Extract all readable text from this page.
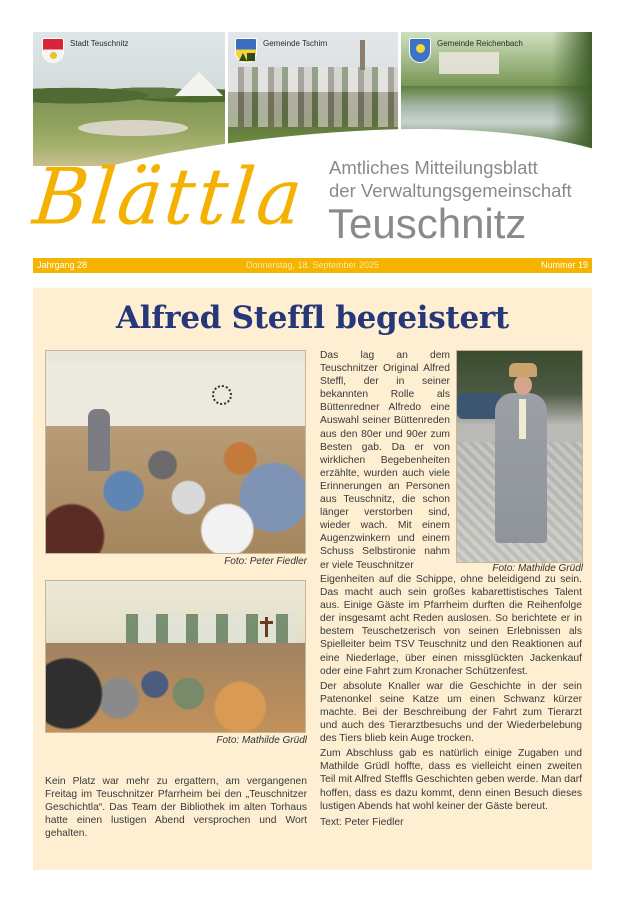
Stadt Teuschnitz	Gemeinde Tschirn	Gemeinde Reichenbach
Blättla Amtliches Mitteilungsblatt
der Verwaltungsgemeinschaft
Teuschnitz
Donnerstag, 18. September 2025
Jahrgang 28	Nummer 19
Alfred Steffl begeistert
Foto: Peter Fiedler
Foto: Mathilde Grüdl
Foto: Mathilde Grüdl

Das lag an dem Teuschnitzer Original Alfred Steffl, der in seiner bekannten Rolle als Büttenredner Alfredo eine Auswahl seiner Büttenreden aus den 80er und 90er zum Besten gab. Da er von wirklichen Begebenheiten erzählte, wurden auch viele Erinnerungen an Personen aus Teuschnitz, die schon länger verstorben sind, wieder wach. Mit einem Augenzwinkern und einem Schuss Selbstironie nahm er viele Teuschnitzer

Eigenheiten auf die Schippe, ohne beleidigend zu sein. Das macht auch sein großes kabarettistisches Talent aus. Einige Gäste im Pfarrheim durften die Reihenfolge der insgesamt acht Reden auslosen. So berichtete er in bestem Teuschetzerisch von seinen Erlebnissen als Spielleiter beim TSV Teuschnitz und den Reaktionen auf eine Niederlage, über einen missglückten Jackenkauf oder eine Fahrt zum Kronacher Schützenfest.

Der absolute Knaller war die Geschichte in der sein Patenonkel seine Katze um einen Schwanz kürzer machte. Bei der Beschreibung der Fahrt zum Tierarzt und auch des Tierarztbesuchs und der Wiederbelebung des Tiers blieb kein Auge trocken.

Zum Abschluss gab es natürlich einige Zugaben und Mathilde Grüdl hoffte, dass es vielleicht einen zweiten Teil mit Alfred Steffls Geschichten geben werde. Man darf hoffen, dass es dazu kommt, denn einen Besuch dieses lustigen Abends hat wohl keiner der Gäste bereut.

Text: Peter Fiedler

Kein Platz war mehr zu ergattern, am vergangenen Freitag im Teuschnitzer Pfarrheim bei den „Teuschnitzer Geschichtla“. Das Team der Bibliothek im alten Torhaus hatte einen lustigen Abend versprochen und Wort gehalten.
